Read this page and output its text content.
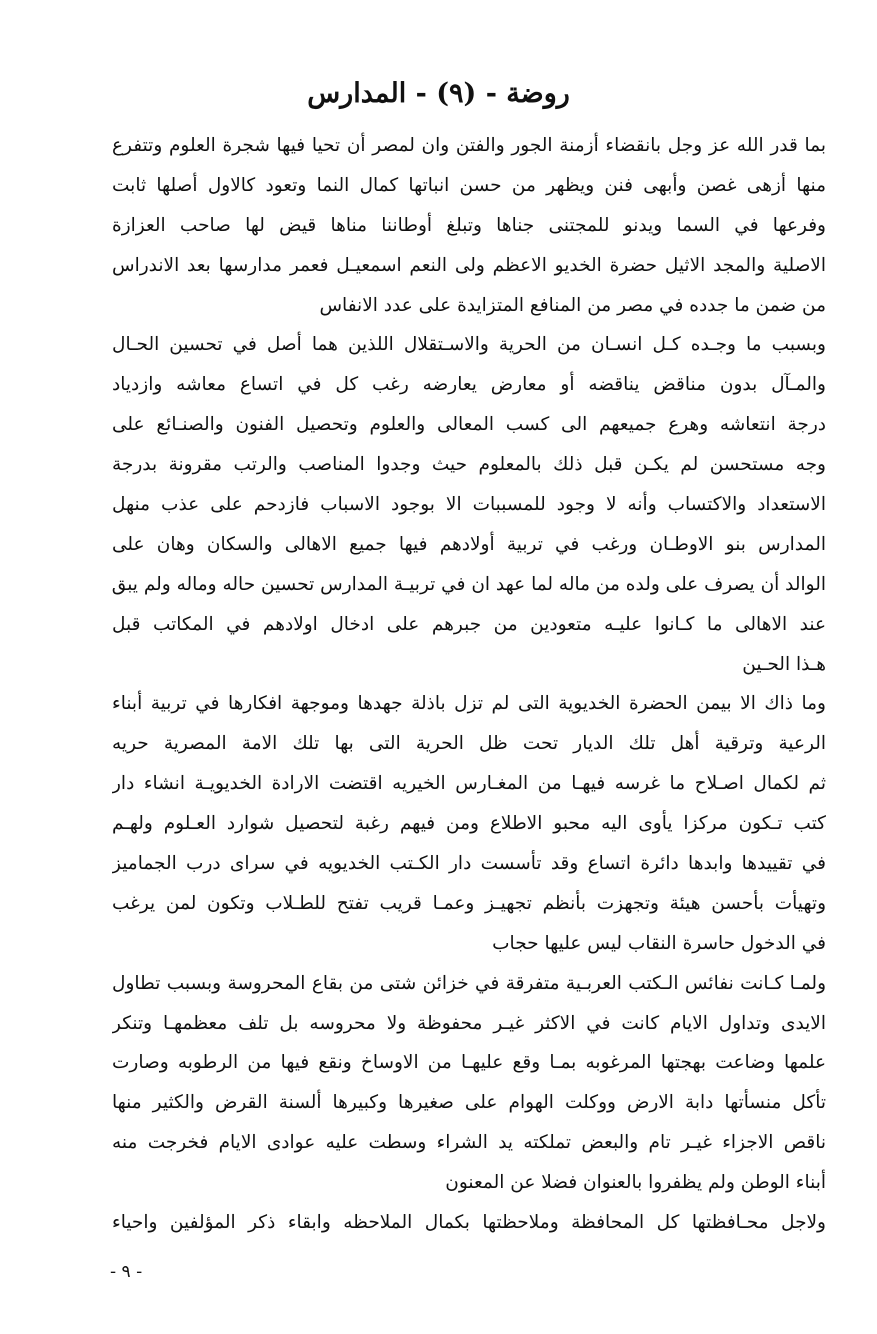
روضة - (٩) - المدارس
بما قدر الله عز وجل بانقضاء أزمنة الجور والفتن وان لمصر أن تحيا فيها شجرة العلوم وتتفرع
منها أزهى غصن وأبهى فنن ويظهر من حسن انباتها كمال النما وتعود كالاول أصلها ثابت
وفرعها في السما ويدنو للمجتنى جناها وتبلغ أوطاننا مناها قيض لها صاحب العزازة
الاصلية والمجد الاثيل حضرة الخديو الاعظم ولى النعم اسمعيـل فعمر مدارسها بعد الاندراس
من ضمن ما جدده في مصر من المنافع المتزايدة على عدد الانفاس
وبسبب ما وجـده كـل انسـان من الحرية والاسـتقلال اللذين هما أصل في تحسين الحـال
والمـآل بدون مناقض يناقضه أو معارض يعارضه رغب كل في اتساع معاشه وازدياد
درجة انتعاشه وهرع جميعهم الى كسب المعالى والعلوم وتحصيل الفنون والصنـائع على
وجه مستحسن لم يكـن قبل ذلك بالمعلوم حيث وجدوا المناصب والرتب مقرونة بدرجة
الاستعداد والاكتساب وأنه لا وجود للمسببات الا بوجود الاسباب فازدحم على عذب منهل
المدارس بنو الاوطـان ورغب في تربية أولادهم فيها جميع الاهالى والسكان وهان على
الوالد أن يصرف على ولده من ماله لما عهد ان في تربيـة المدارس تحسين حاله وماله ولم يبق
عند الاهالى ما كـانوا عليـه متعودين من جبرهم على ادخال اولادهم في المكاتب قبل
هـذا الحـين
وما ذاك الا بيمن الحضرة الخديوية التى لم تزل باذلة جهدها وموجهة افكارها في تربية أبناء
الرعية وترقية أهل تلك الديار تحت ظل الحرية التى بها تلك الامة المصرية حريه
ثم لكمال اصـلاح ما غرسه فيهـا من المغـارس الخيريه اقتضت الارادة الخديويـة انشاء دار
كتب تـكون مركزا يأوى اليه محبو الاطلاع ومن فيهم رغبة لتحصيل شوارد العـلوم ولهـم
في تقييدها وابدها دائرة اتساع وقد تأسست دار الكـتب الخديويه في سراى درب الجماميز
وتهيأت بأحسن هيئة وتجهزت بأنظم تجهيـز وعمـا قريب تفتح للطـلاب وتكون لمن يرغب
في الدخول حاسرة النقاب ليس عليها حجاب
ولمـا كـانت نفائس الـكتب العربـية متفرقة في خزائن شتى من بقاع المحروسة وبسبب تطاول
الايدى وتداول الايام كانت في الاكثر غيـر محفوظة ولا محروسه بل تلف معظمهـا وتنكر
علمها وضاعت بهجتها المرغوبه بمـا وقع عليهـا من الاوساخ ونقع فيها من الرطوبه وصارت
تأكل منسأتها دابة الارض ووكلت الهوام على صغيرها وكبيرها ألسنة القرض والكثير منها
ناقص الاجزاء غيـر تام والبعض تملكته يد الشراء وسطت عليه عوادى الايام فخرجت منه
أبناء الوطن ولم يظفروا بالعنوان فضلا عن المعنون
ولاجل محـافظتها كل المحافظة وملاحظتها بكمال الملاحظه وابقاء ذكر المؤلفين واحياء
- ٩ -
